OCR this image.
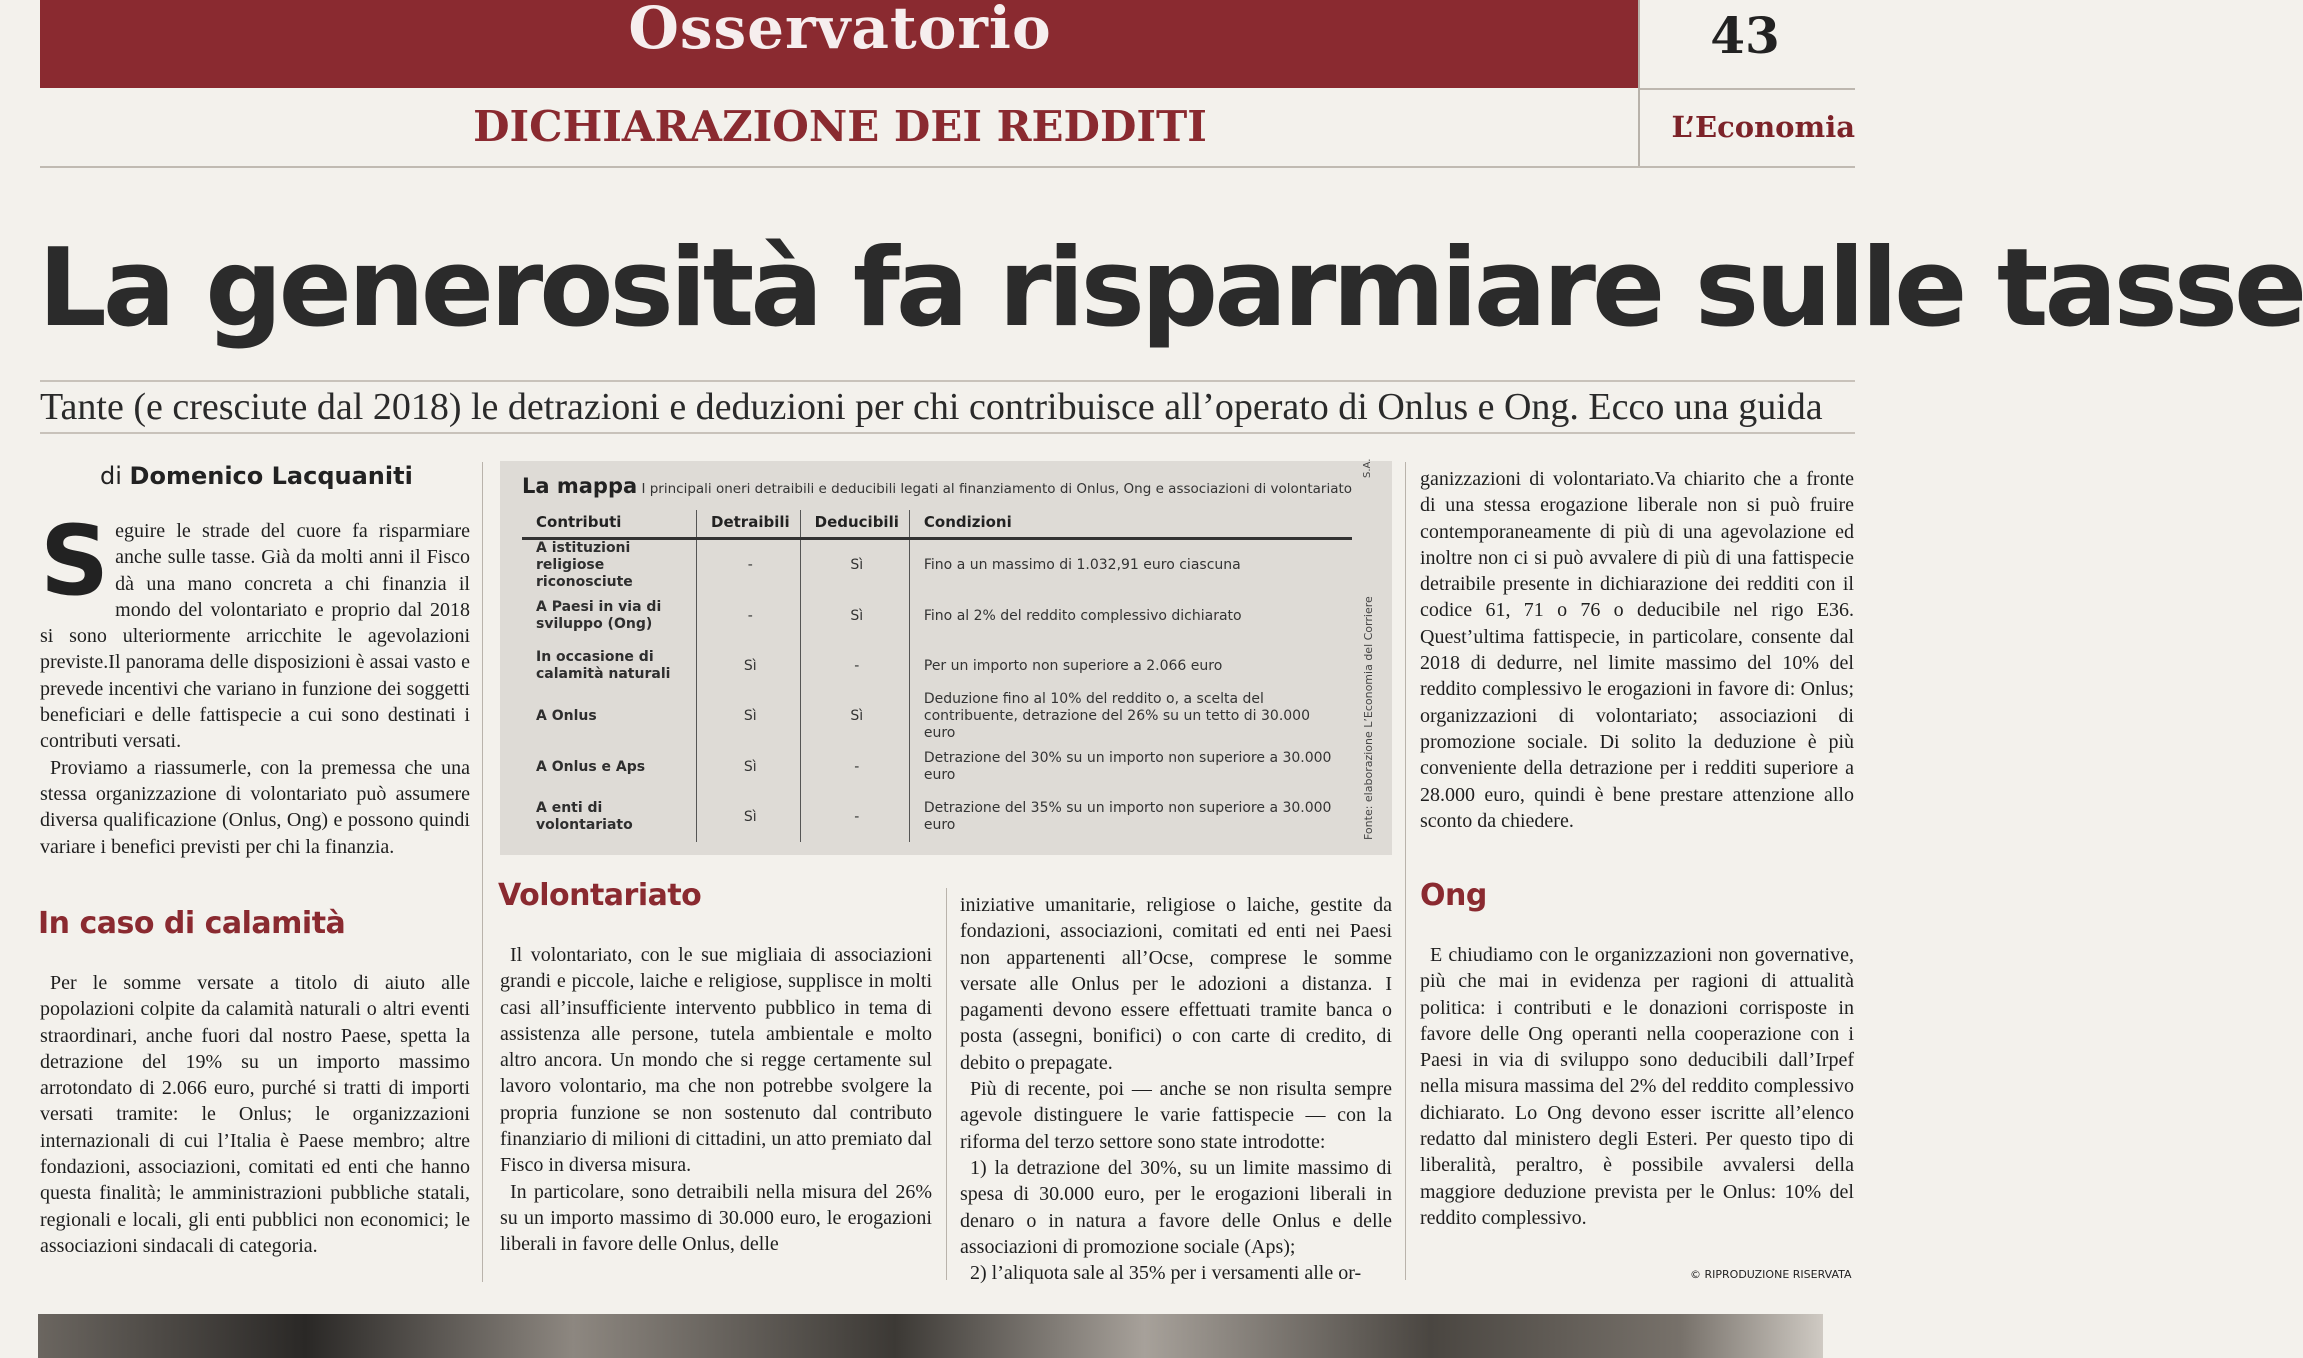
Osservatorio	43
DICHIARAZIONE DEI REDDITI	L’Economia
La generosità fa risparmiare sulle tasse
Tante (e cresciute dal 2018) le detrazioni e deduzioni per chi contribuisce all’operato di Onlus e Ong. Ecco una guida
di Domenico Lacquaniti
S eguire le strade del cuore fa risparmiare anche sulle tasse. Già da molti anni il Fisco dà una mano concreta a chi finanzia il mondo del volontariato e proprio dal 2018 si sono ulteriormente arricchite le agevolazioni previste.Il panorama delle disposizioni è assai vasto e prevede incentivi che variano in funzione dei soggetti beneficiari e delle fattispecie a cui sono destinati i contributi versati.

Proviamo a riassumerle, con la premessa che una stessa organizzazione di volontariato può assumere diversa qualificazione (Onlus, Ong) e possono quindi variare i benefici previsti per chi la finanzia.

In caso di calamità

Per le somme versate a titolo di aiuto alle popolazioni colpite da calamità naturali o altri eventi straordinari, anche fuori dal nostro Paese, spetta la detrazione del 19% su un importo massimo arrotondato di 2.066 euro, purché si tratti di importi versati tramite: le Onlus; le organizzazioni internazionali di cui l’Italia è Paese membro; altre fondazioni, associazioni, comitati ed enti che hanno questa finalità; le amministrazioni pubbliche statali, regionali e locali, gli enti pubblici non economici; le associazioni sindacali di categoria.

La mappa I principali oneri detraibili e deducibili legati al finanziamento di Onlus, Ong e associazioni di volontariato
S.A.
Fonte: elaborazione L’Economia del Corriere
Contributi	Detraibili	Deducibili	Condizioni
A istituzioni religiose riconosciute	-	Sì	Fino a un massimo di 1.032,91 euro ciascuna
A Paesi in via di sviluppo (Ong)	-	Sì	Fino al 2% del reddito complessivo dichiarato
In occasione di calamità naturali	Sì	-	Per un importo non superiore a 2.066 euro
A Onlus	Sì	Sì	Deduzione fino al 10% del reddito o, a scelta del contribuente, detrazione del 26% su un tetto di 30.000 euro
A Onlus e Aps	Sì	-	Detrazione del 30% su un importo non superiore a 30.000 euro
A enti di volontariato	Sì	-	Detrazione del 35% su un importo non superiore a 30.000 euro
Volontariato

Il volontariato, con le sue migliaia di associazioni grandi e piccole, laiche e religiose, supplisce in molti casi all’insufficiente intervento pubblico in tema di assistenza alle persone, tutela ambientale e molto altro ancora. Un mondo che si regge certamente sul lavoro volontario, ma che non potrebbe svolgere la propria funzione se non sostenuto dal contributo finanziario di milioni di cittadini, un atto premiato dal Fisco in diversa misura.

In particolare, sono detraibili nella misura del 26% su un importo massimo di 30.000 euro, le erogazioni liberali in favore delle Onlus, delle

iniziative umanitarie, religiose o laiche, gestite da fondazioni, associazioni, comitati ed enti nei Paesi non appartenenti all’Ocse, comprese le somme versate alle Onlus per le adozioni a distanza. I pagamenti devono essere effettuati tramite banca o posta (assegni, bonifici) o con carte di credito, di debito o prepagate.

Più di recente, poi — anche se non risulta sempre agevole distinguere le varie fattispecie — con la riforma del terzo settore sono state introdotte:

1) la detrazione del 30%, su un limite massimo di spesa di 30.000 euro, per le erogazioni liberali in denaro o in natura a favore delle Onlus e delle associazioni di promozione sociale (Aps);

2) l’aliquota sale al 35% per i versamenti alle or-

ganizzazioni di volontariato.Va chiarito che a fronte di una stessa erogazione liberale non si può fruire contemporaneamente di più di una agevolazione ed inoltre non ci si può avvalere di più di una fattispecie detraibile presente in dichiarazione dei redditi con il codice 61, 71 o 76 o deducibile nel rigo E36. Quest’ultima fattispecie, in particolare, consente dal 2018 di dedurre, nel limite massimo del 10% del reddito complessivo le erogazioni in favore di: Onlus; organizzazioni di volontariato; associazioni di promozione sociale. Di solito la deduzione è più conveniente della detrazione per i redditi superiore a 28.000 euro, quindi è bene prestare attenzione allo sconto da chiedere.

Ong

E chiudiamo con le organizzazioni non governative, più che mai in evidenza per ragioni di attualità politica: i contributi e le donazioni corrisposte in favore delle Ong operanti nella cooperazione con i Paesi in via di sviluppo sono deducibili dall’Irpef nella misura massima del 2% del reddito complessivo dichiarato. Lo Ong devono esser iscritte all’elenco redatto dal ministero degli Esteri. Per questo tipo di liberalità, peraltro, è possibile avvalersi della maggiore deduzione prevista per le Onlus: 10% del reddito complessivo.

© RIPRODUZIONE RISERVATA
